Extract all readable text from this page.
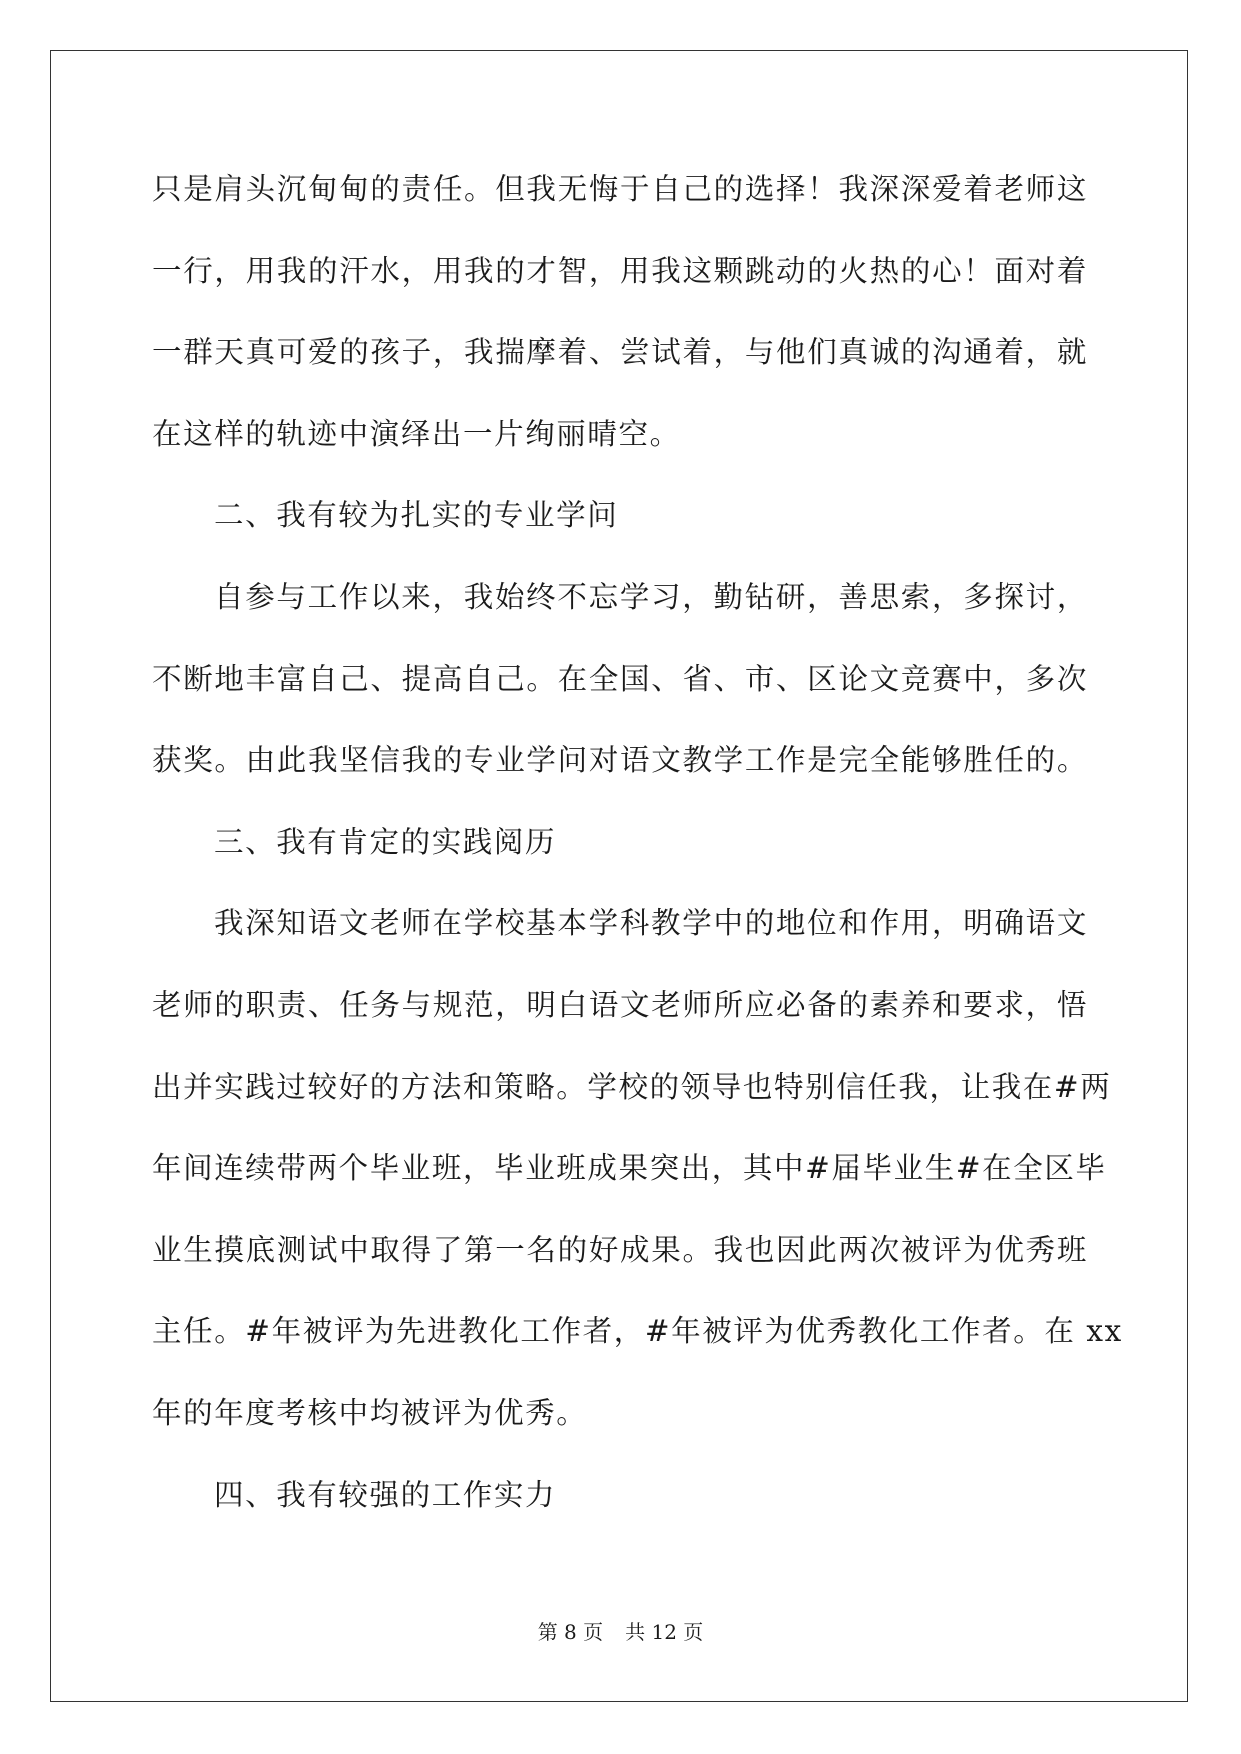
只是肩头沉甸甸的责任。但我无悔于自己的选择！我深深爱着老师这
一行，用我的汗水，用我的才智，用我这颗跳动的火热的心！面对着
一群天真可爱的孩子，我揣摩着、尝试着，与他们真诚的沟通着，就
在这样的轨迹中演绎出一片绚丽晴空。
二、我有较为扎实的专业学问
自参与工作以来，我始终不忘学习，勤钻研，善思索，多探讨，
不断地丰富自己、提高自己。在全国、省、市、区论文竞赛中，多次
获奖。由此我坚信我的专业学问对语文教学工作是完全能够胜任的。
三、我有肯定的实践阅历
我深知语文老师在学校基本学科教学中的地位和作用，明确语文
老师的职责、任务与规范，明白语文老师所应必备的素养和要求，悟
出并实践过较好的方法和策略。学校的领导也特别信任我，让我在#两
年间连续带两个毕业班，毕业班成果突出，其中#届毕业生#在全区毕
业生摸底测试中取得了第一名的好成果。我也因此两次被评为优秀班
主任。#年被评为先进教化工作者，#年被评为优秀教化工作者。在 xx
年的年度考核中均被评为优秀。
四、我有较强的工作实力
第 8 页 共 12 页
